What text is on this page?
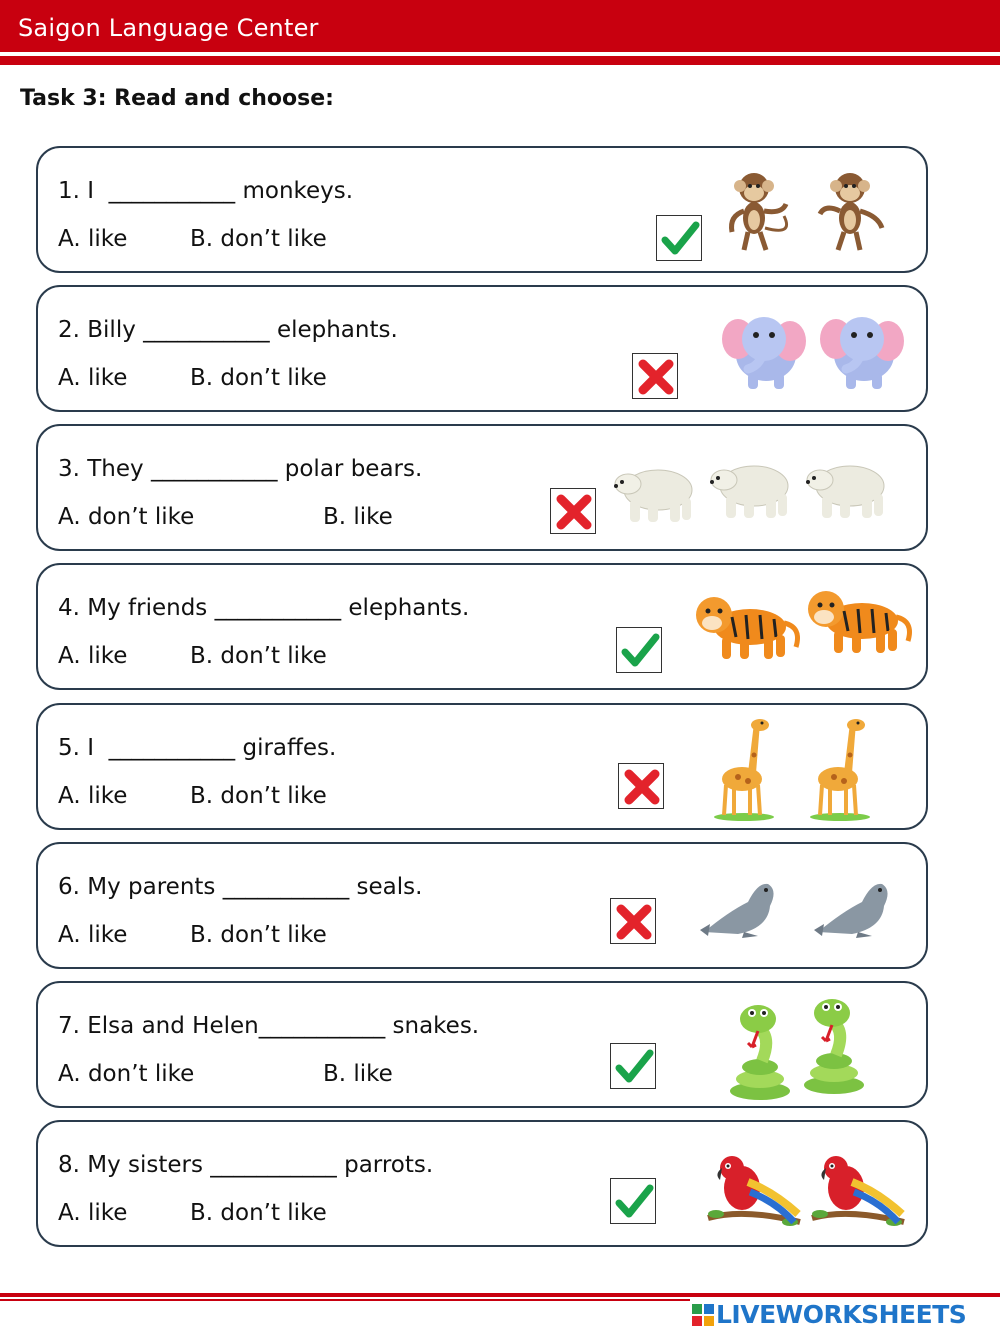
Saigon Language Center
Task 3: Read and choose:
1. I  ___________ monkeys.
A. like	B. don’t like
2. Billy ___________ elephants.
A. like	B. don’t like
3. They ___________ polar bears.
A. don’t like	B. like
4. My friends ___________ elephants.
A. like	B. don’t like
5. I  ___________ giraffes.
A. like	B. don’t like
6. My parents ___________ seals.
A. like	B. don’t like
7. Elsa and Helen___________ snakes.
A. don’t like	B. like
8. My sisters ___________ parrots.
A. like	B. don’t like
LIVEWORKSHEETS
